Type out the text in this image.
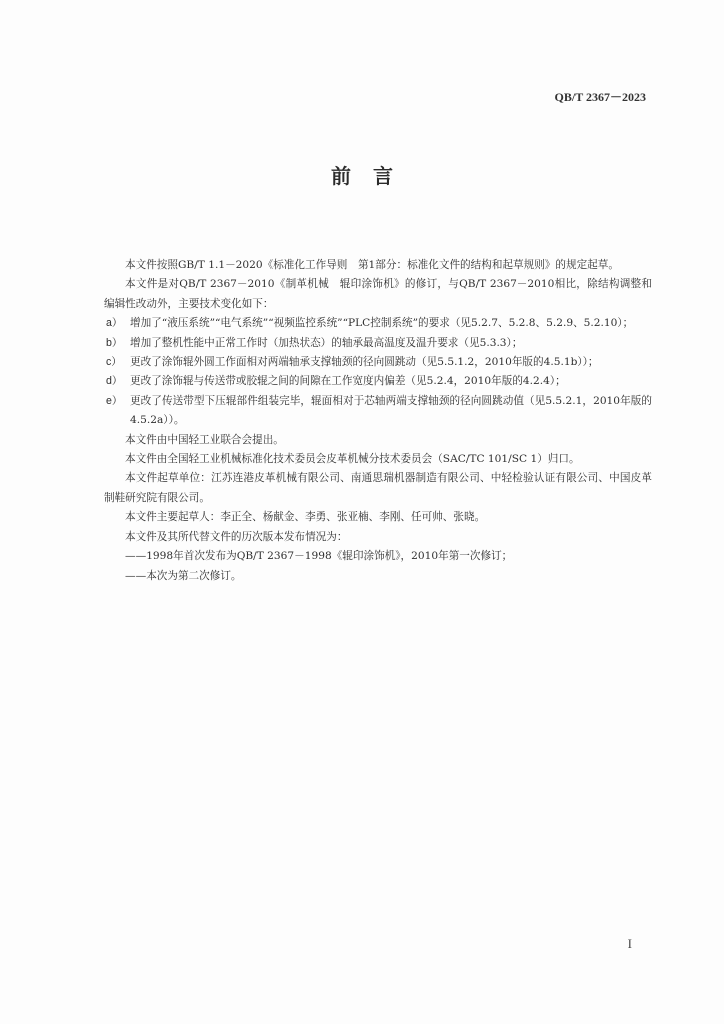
QB/T 2367－2023
前言

本文件按照GB/T 1.1－2020《标准化工作导则　第1部分：标准化文件的结构和起草规则》的规定起草。

本文件是对QB/T 2367－2010《制革机械　辊印涂饰机》的修订，与QB/T 2367－2010相比，除结构调整和编辑性改动外，主要技术变化如下：

a） 增加了“液压系统”“电气系统”“视频监控系统”“PLC控制系统”的要求（见5.2.7、5.2.8、5.2.9、5.2.10）；
b） 增加了整机性能中正常工作时（加热状态）的轴承最高温度及温升要求（见5.3.3）；
c） 更改了涂饰辊外圆工作面相对两端轴承支撑轴颈的径向圆跳动（见5.5.1.2，2010年版的4.5.1b））；
d） 更改了涂饰辊与传送带或胶辊之间的间隙在工作宽度内偏差（见5.2.4，2010年版的4.2.4）；
e） 更改了传送带型下压辊部件组装完毕，辊面相对于芯轴两端支撑轴颈的径向圆跳动值（见5.5.2.1，2010年版的4.5.2a））。

本文件由中国轻工业联合会提出。

本文件由全国轻工业机械标准化技术委员会皮革机械分技术委员会（SAC/TC 101/SC 1）归口。

本文件起草单位：江苏连港皮革机械有限公司、南通思瑞机器制造有限公司、中轻检验认证有限公司、中国皮革制鞋研究院有限公司。

本文件主要起草人：李正全、杨献金、李勇、张亚楠、李刚、任可帅、张晓。

本文件及其所代替文件的历次版本发布情况为：

——1998年首次发布为QB/T 2367－1998《辊印涂饰机》，2010年第一次修订；

——本次为第二次修订。

I
